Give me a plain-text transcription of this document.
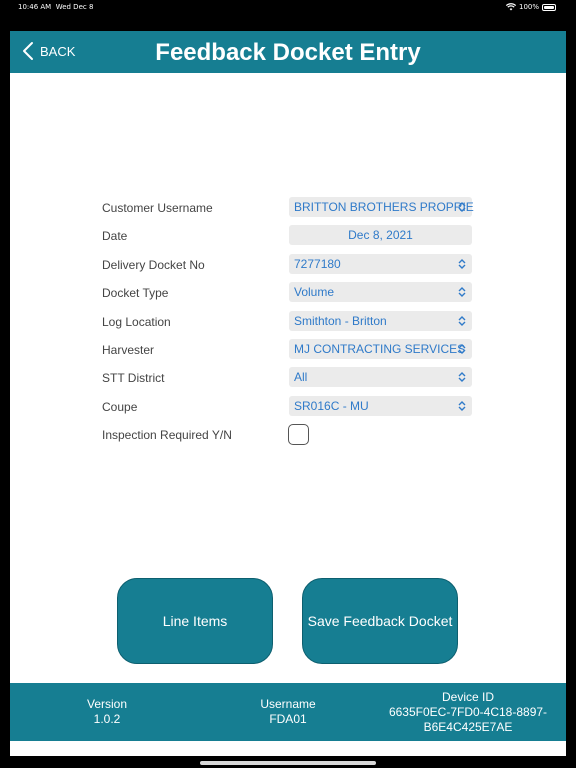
10:46 AM Wed Dec 8	100%
BACK	Feedback Docket Entry
Customer Username	BRITTON BROTHERS PROPRIE
Date	Dec 8, 2021
Delivery Docket No	7277180
Docket Type	Volume
Log Location	Smithton - Britton
Harvester	MJ CONTRACTING SERVICES
STT District	All
Coupe	SR016C - MU
Inspection Required Y/N
Line Items	Save Feedback Docket
Version
1.0.2
Username
FDA01
Device ID
6635F0EC-7FD0-4C18-8897-
B6E4C425E7AE
